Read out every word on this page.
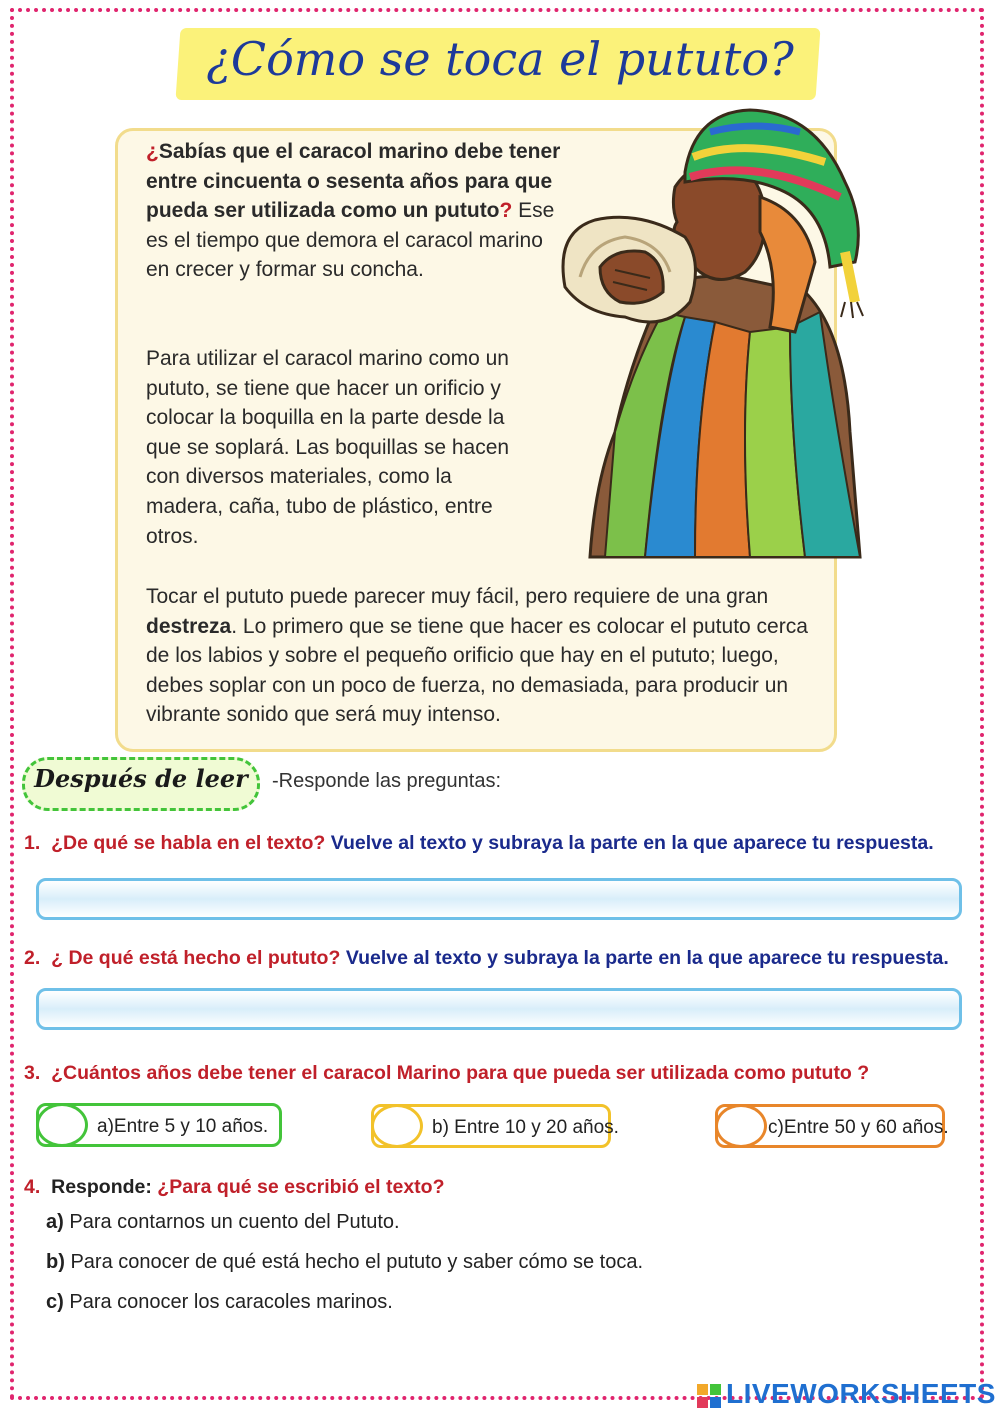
¿Cómo se toca el pututo?
¿Sabías que el caracol marino debe tener entre cincuenta o sesenta años para que pueda ser utilizada como un pututo? Ese es el tiempo que demora el caracol marino en crecer y formar su concha.
Para utilizar el caracol marino como un pututo, se tiene que hacer un orificio y colocar la boquilla en la parte desde la que se soplará. Las boquillas se hacen con diversos materiales, como la madera, caña, tubo de plástico, entre otros.
Tocar el pututo puede parecer muy fácil, pero requiere de una gran destreza. Lo primero que se tiene que hacer es colocar el pututo cerca de los labios y sobre el pequeño orificio que hay en el pututo; luego, debes soplar con un poco de fuerza, no demasiada, para producir un vibrante sonido que será muy intenso.
Después de leer	-Responde las preguntas:
1. ¿De qué se habla en el texto? Vuelve al texto y subraya la parte en la que aparece tu respuesta.
2. ¿ De qué está hecho el pututo? Vuelve al texto y subraya la parte en la que aparece tu respuesta.
3. ¿Cuántos años debe tener el caracol Marino para que pueda ser utilizada como pututo ?
a)Entre 5 y 10 años.	b) Entre 10 y 20 años.	c)Entre 50 y 60 años.
4. Responde: ¿Para qué se escribió el texto?
a) Para contarnos un cuento del Pututo.
b) Para conocer de qué está hecho el pututo y saber cómo se toca.
c) Para conocer los caracoles marinos.
LIVEWORKSHEETS
